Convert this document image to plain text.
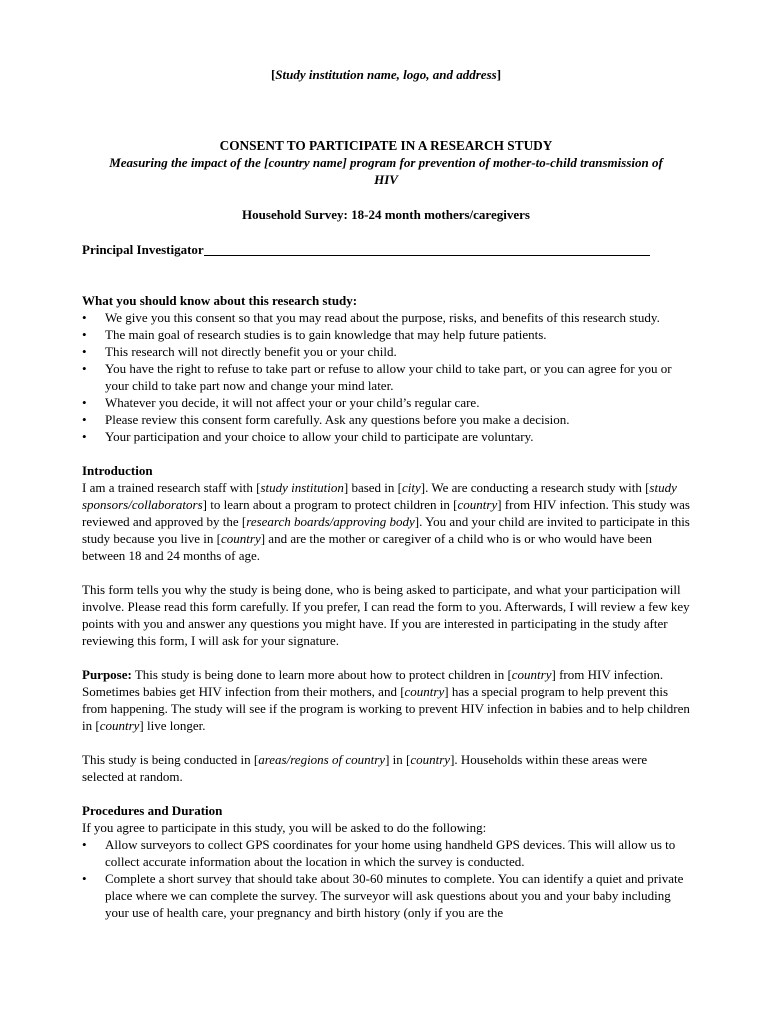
[Study institution name, logo, and address]
CONSENT TO PARTICIPATE IN A RESEARCH STUDY
Measuring the impact of the [country name] program for prevention of mother-to-child transmission of HIV
Household Survey: 18-24 month mothers/caregivers
Principal Investigator
What you should know about this research study:
• We give you this consent so that you may read about the purpose, risks, and benefits of this research study.
• The main goal of research studies is to gain knowledge that may help future patients.
• This research will not directly benefit you or your child.
• You have the right to refuse to take part or refuse to allow your child to take part, or you can agree for you or your child to take part now and change your mind later.
• Whatever you decide, it will not affect your or your child’s regular care.
• Please review this consent form carefully. Ask any questions before you make a decision.
• Your participation and your choice to allow your child to participate are voluntary.
Introduction

I am a trained research staff with [study institution] based in [city]. We are conducting a research study with [study sponsors/collaborators] to learn about a program to protect children in [country] from HIV infection. This study was reviewed and approved by the [research boards/approving body]. You and your child are invited to participate in this study because you live in [country] and are the mother or caregiver of a child who is or who would have been between 18 and 24 months of age.

This form tells you why the study is being done, who is being asked to participate, and what your participation will involve. Please read this form carefully. If you prefer, I can read the form to you. Afterwards, I will review a few key points with you and answer any questions you might have. If you are interested in participating in the study after reviewing this form, I will ask for your signature.

Purpose: This study is being done to learn more about how to protect children in [country] from HIV infection. Sometimes babies get HIV infection from their mothers, and [country] has a special program to help prevent this from happening. The study will see if the program is working to prevent HIV infection in babies and to help children in [country] live longer.

This study is being conducted in [areas/regions of country] in [country]. Households within these areas were selected at random.

Procedures and Duration

If you agree to participate in this study, you will be asked to do the following:

• Allow surveyors to collect GPS coordinates for your home using handheld GPS devices. This will allow us to collect accurate information about the location in which the survey is conducted.
• Complete a short survey that should take about 30-60 minutes to complete. You can identify a quiet and private place where we can complete the survey. The surveyor will ask questions about you and your baby including your use of health care, your pregnancy and birth history (only if you are the
